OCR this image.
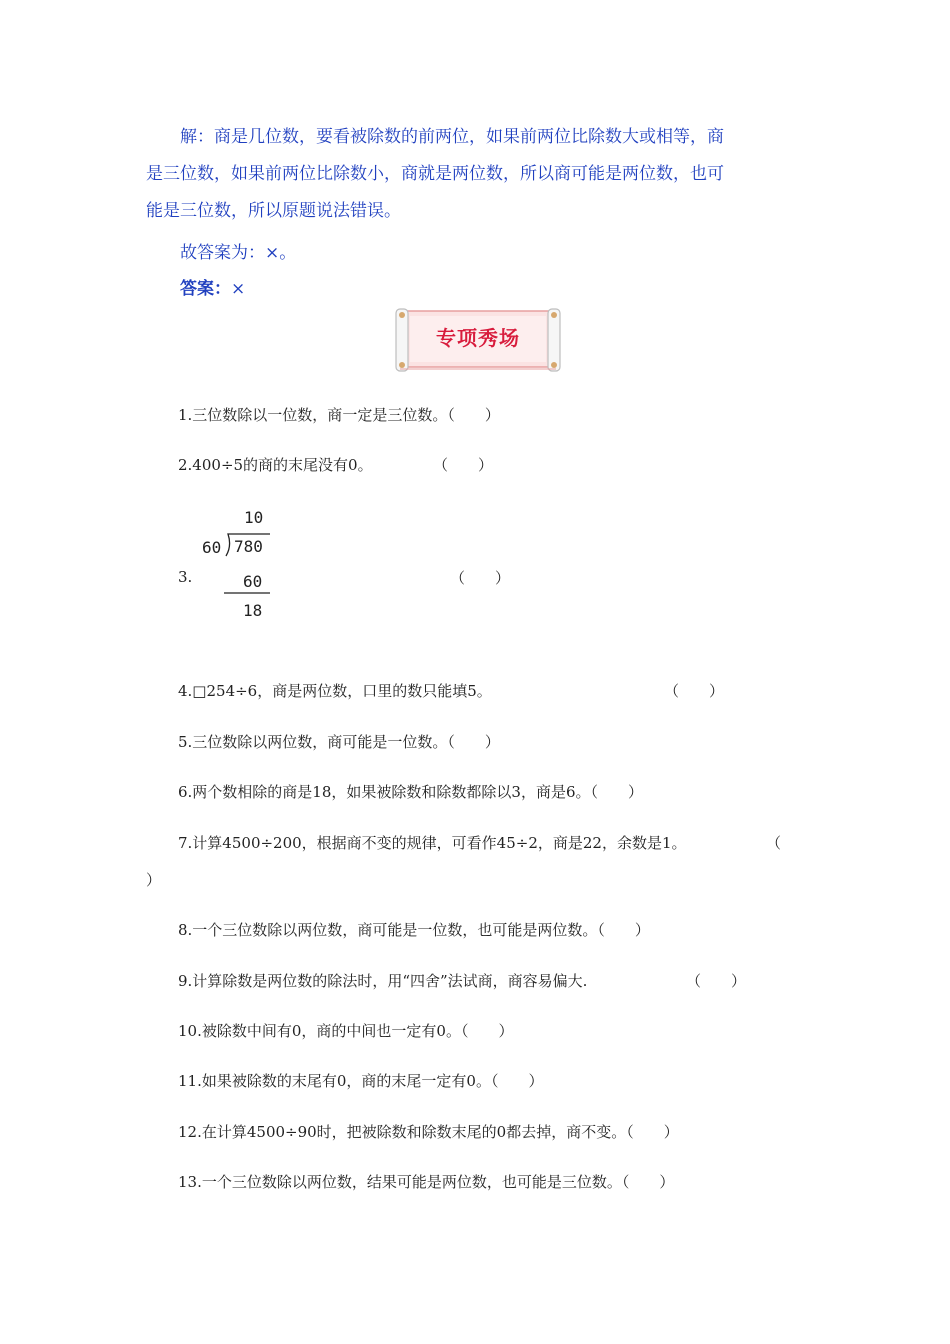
解：商是几位数，要看被除数的前两位，如果前两位比除数大或相等，商

是三位数，如果前两位比除数小，商就是两位数，所以商可能是两位数，也可

能是三位数，所以原题说法错误。

故答案为：×。
答案：×
专项秀场
1.三位数除以一位数，商一定是三位数。（　　）
2.400÷5的商的末尾没有0。	（　　）
3.
10
60 780
60
18
（　　）
4.□254÷6，商是两位数，口里的数只能填5。	（　　）
5.三位数除以两位数，商可能是一位数。（　　）
6.两个数相除的商是18，如果被除数和除数都除以3，商是6。（　　）
7.计算4500÷200，根据商不变的规律，可看作45÷2，商是22，余数是1。	（
）
8.一个三位数除以两位数，商可能是一位数，也可能是两位数。（　　）
9.计算除数是两位数的除法时，用“四舍”法试商，商容易偏大.	（　　）
10.被除数中间有0，商的中间也一定有0。（　　）
11.如果被除数的末尾有0，商的末尾一定有0。（　　）
12.在计算4500÷90时，把被除数和除数末尾的0都去掉，商不变。（　　）
13.一个三位数除以两位数，结果可能是两位数，也可能是三位数。（　　）
